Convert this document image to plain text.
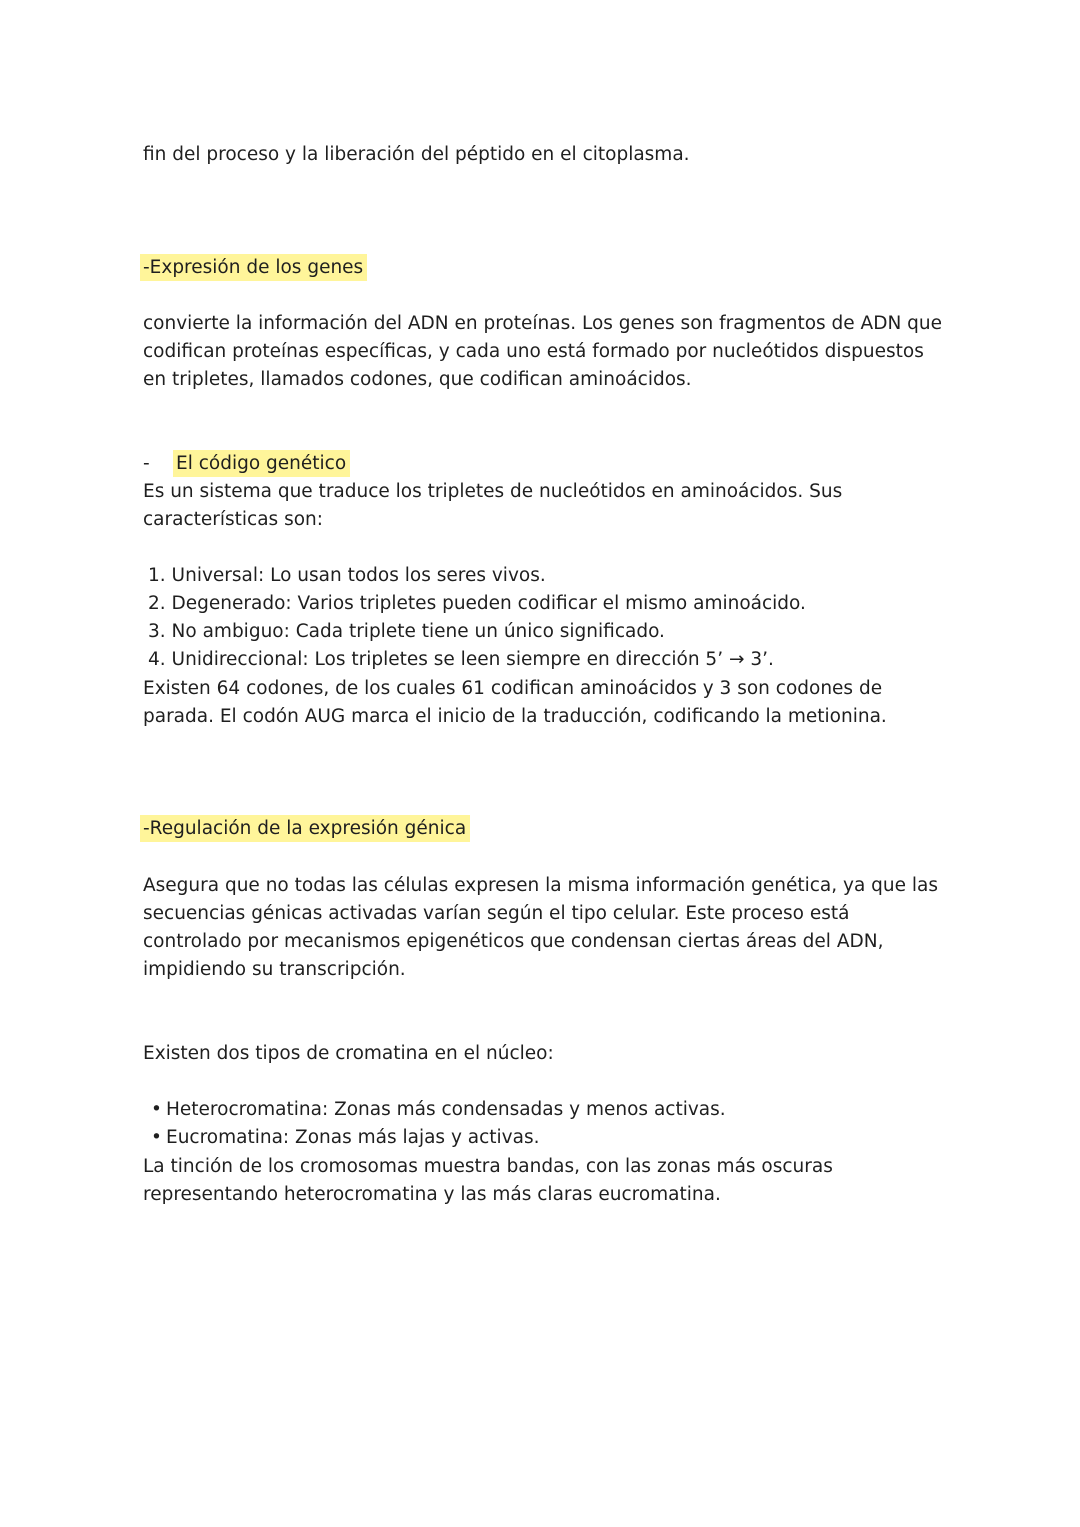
fin del proceso y la liberación del péptido en el citoplasma.

-Expresión de los genes

convierte la información del ADN en proteínas. Los genes son fragmentos de ADN que codifican proteínas específicas, y cada uno está formado por nucleótidos dispuestos en tripletes, llamados codones, que codifican aminoácidos.

- El código genético

Es un sistema que traduce los tripletes de nucleótidos en aminoácidos. Sus características son:

1. Universal: Lo usan todos los seres vivos.
2. Degenerado: Varios tripletes pueden codificar el mismo aminoácido.
3. No ambiguo: Cada triplete tiene un único significado.
4. Unidireccional: Los tripletes se leen siempre en dirección 5’ → 3’.

Existen 64 codones, de los cuales 61 codifican aminoácidos y 3 son codones de parada. El codón AUG marca el inicio de la traducción, codificando la metionina.

-Regulación de la expresión génica

Asegura que no todas las células expresen la misma información genética, ya que las secuencias génicas activadas varían según el tipo celular. Este proceso está controlado por mecanismos epigenéticos que condensan ciertas áreas del ADN, impidiendo su transcripción.

Existen dos tipos de cromatina en el núcleo:

• Heterocromatina: Zonas más condensadas y menos activas.
• Eucromatina: Zonas más lajas y activas.

La tinción de los cromosomas muestra bandas, con las zonas más oscuras representando heterocromatina y las más claras eucromatina.
